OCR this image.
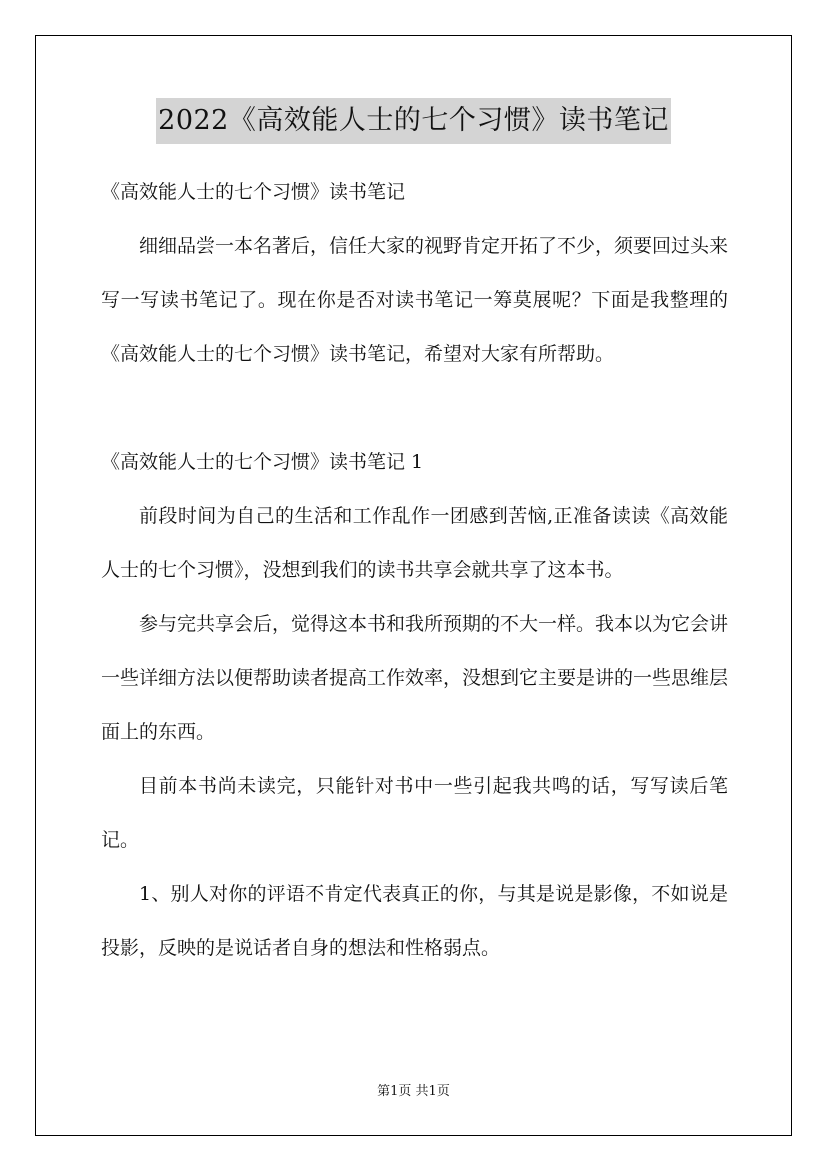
2022《高效能人士的七个习惯》读书笔记

《高效能人士的七个习惯》读书笔记

细细品尝一本名著后，信任大家的视野肯定开拓了不少，须要回过头来写一写读书笔记了。现在你是否对读书笔记一筹莫展呢？下面是我整理的《高效能人士的七个习惯》读书笔记，希望对大家有所帮助。

《高效能人士的七个习惯》读书笔记 1

前段时间为自己的生活和工作乱作一团感到苦恼,正准备读读《高效能人士的七个习惯》，没想到我们的读书共享会就共享了这本书。

参与完共享会后，觉得这本书和我所预期的不大一样。我本以为它会讲一些详细方法以便帮助读者提高工作效率，没想到它主要是讲的一些思维层面上的东西。

目前本书尚未读完，只能针对书中一些引起我共鸣的话，写写读后笔记。

1、别人对你的评语不肯定代表真正的你，与其是说是影像，不如说是投影，反映的是说话者自身的想法和性格弱点。

第1页 共1页
